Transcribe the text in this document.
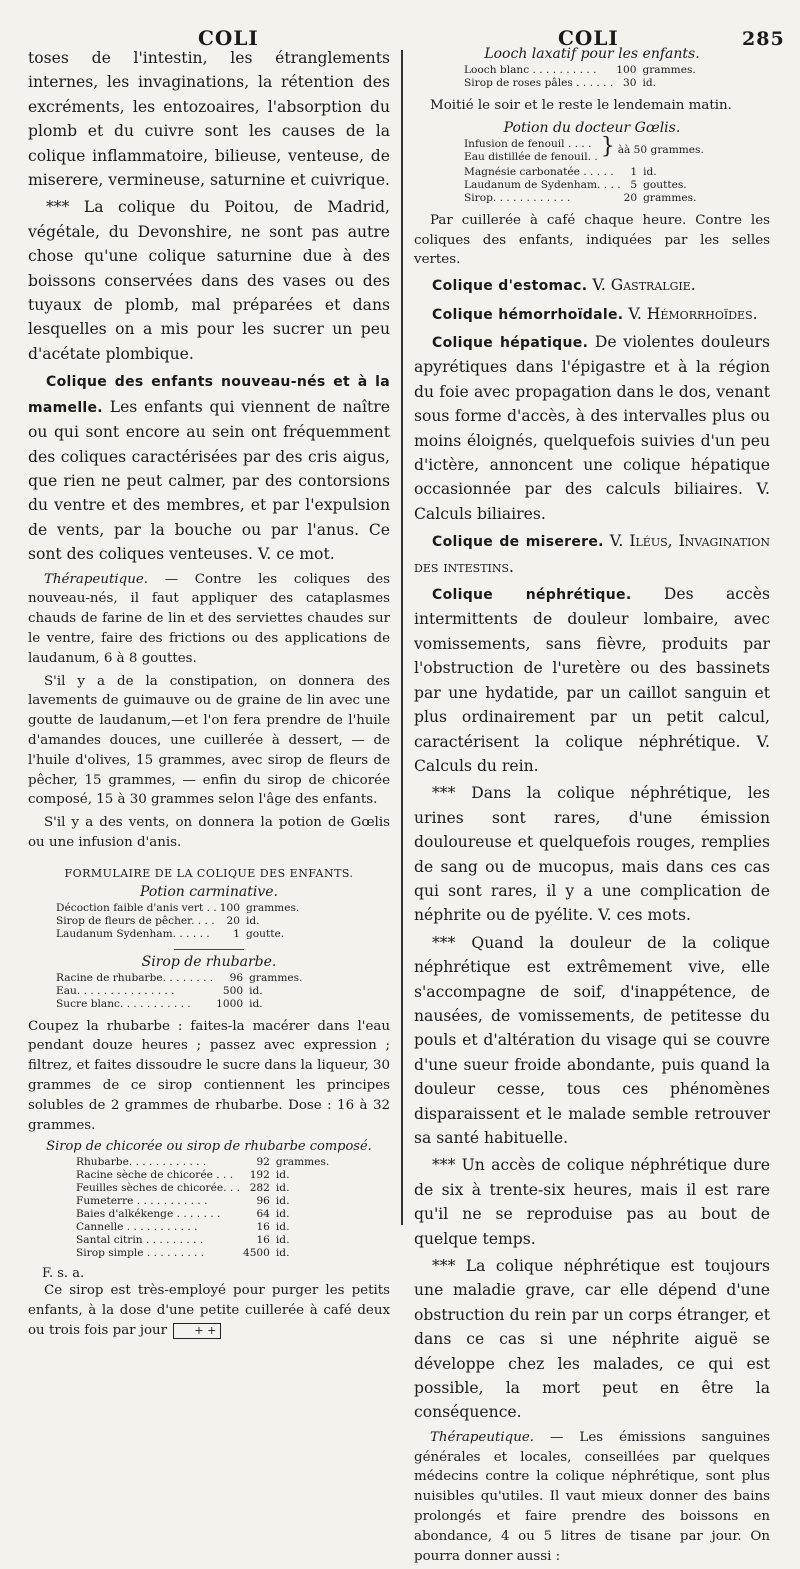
COLI	COLI	285

toses de l'intestin, les étranglements internes, les invaginations, la rétention des excréments, les entozoaires, l'absorption du plomb et du cuivre sont les causes de la colique inflammatoire, bilieuse, venteuse, de miserere, vermineuse, saturnine et cuivrique.

*** La colique du Poitou, de Madrid, végétale, du Devonshire, ne sont pas autre chose qu'une colique saturnine due à des boissons conservées dans des vases ou des tuyaux de plomb, mal préparées et dans lesquelles on a mis pour les sucrer un peu d'acétate plombique.

Colique des enfants nouveau-nés et à la mamelle. Les enfants qui viennent de naître ou qui sont encore au sein ont fréquemment des coliques caractérisées par des cris aigus, que rien ne peut calmer, par des contorsions du ventre et des membres, et par l'expulsion de vents, par la bouche ou par l'anus. Ce sont des coliques venteuses. V. ce mot.

Thérapeutique. — Contre les coliques des nouveau-nés, il faut appliquer des cataplasmes chauds de farine de lin et des serviettes chaudes sur le ventre, faire des frictions ou des applications de laudanum, 6 à 8 gouttes.

S'il y a de la constipation, on donnera des lavements de guimauve ou de graine de lin avec une goutte de laudanum,—et l'on fera prendre de l'huile d'amandes douces, une cuillerée à dessert, — de l'huile d'olives, 15 grammes, avec sirop de fleurs de pêcher, 15 grammes, — enfin du sirop de chicorée composé, 15 à 30 grammes selon l'âge des enfants.

S'il y a des vents, on donnera la potion de Gœlis ou une infusion d'anis.

FORMULAIRE DE LA COLIQUE DES ENFANTS.
Potion carminative.
Décoction faible d'anis vert . .	100	grammes.
Sirop de fleurs de pêcher. . . .	20	id.
Laudanum Sydenham. . . . . .	1	goutte.
Sirop de rhubarbe.
Racine de rhubarbe. . . . . . . .	96	grammes.
Eau. . . . . . . . . . . . . . .	500	id.
Sucre blanc. . . . . . . . . . .	1000	id.

Coupez la rhubarbe : faites-la macérer dans l'eau pendant douze heures ; passez avec expression ; filtrez, et faites dissoudre le sucre dans la liqueur, 30 grammes de ce sirop contiennent les principes solubles de 2 grammes de rhubarbe. Dose : 16 à 32 grammes.

Sirop de chicorée ou sirop de rhubarbe composé.
Rhubarbe. . . . . . . . . . . .	92	grammes.
Racine sèche de chicorée . . .	192	id.
Feuilles sèches de chicorée. . .	282	id.
Fumeterre . . . . . . . . . . .	96	id.
Baies d'alkékenge . . . . . . .	64	id.
Cannelle . . . . . . . . . . .	16	id.
Santal citrin . . . . . . . . .	16	id.
Sirop simple . . . . . . . . .	4500	id.
F. s. a.

Ce sirop est très-employé pour purger les petits enfants, à la dose d'une petite cuillerée à café deux ou trois fois par jour + +

Looch laxatif pour les enfants.
Looch blanc . . . . . . . . . .	100	grammes.
Sirop de roses pâles . . . . . .	30	id.

Moitié le soir et le reste le lendemain matin.

Potion du docteur Gœlis.
Infusion de fenouil . . . .	}	àà 50 grammes.
Eau distillée de fenouil. .
Magnésie carbonatée . . . . .	1	id.
Laudanum de Sydenham. . . .	5	gouttes.
Sirop. . . . . . . . . . . .	20	grammes.

Par cuillerée à café chaque heure. Contre les coliques des enfants, indiquées par les selles vertes.

Colique d'estomac. V. Gastralgie.

Colique hémorrhoïdale. V. Hémorrhoïdes.

Colique hépatique. De violentes douleurs apyrétiques dans l'épigastre et à la région du foie avec propagation dans le dos, venant sous forme d'accès, à des intervalles plus ou moins éloignés, quelquefois suivies d'un peu d'ictère, annoncent une colique hépatique occasionnée par des calculs biliaires. V. Calculs biliaires.

Colique de miserere. V. Iléus, Invagination des intestins.

Colique néphrétique. Des accès intermittents de douleur lombaire, avec vomissements, sans fièvre, produits par l'obstruction de l'uretère ou des bassinets par une hydatide, par un caillot sanguin et plus ordinairement par un petit calcul, caractérisent la colique néphrétique. V. Calculs du rein.

*** Dans la colique néphrétique, les urines sont rares, d'une émission douloureuse et quelquefois rouges, remplies de sang ou de mucopus, mais dans ces cas qui sont rares, il y a une complication de néphrite ou de pyélite. V. ces mots.

*** Quand la douleur de la colique néphrétique est extrêmement vive, elle s'accompagne de soif, d'inappétence, de nausées, de vomissements, de petitesse du pouls et d'altération du visage qui se couvre d'une sueur froide abondante, puis quand la douleur cesse, tous ces phénomènes disparaissent et le malade semble retrouver sa santé habituelle.

*** Un accès de colique néphrétique dure de six à trente-six heures, mais il est rare qu'il ne se reproduise pas au bout de quelque temps.

*** La colique néphrétique est toujours une maladie grave, car elle dépend d'une obstruction du rein par un corps étranger, et dans ce cas si une néphrite aiguë se développe chez les malades, ce qui est possible, la mort peut en être la conséquence.

Thérapeutique. — Les émissions sanguines générales et locales, conseillées par quelques médecins contre la colique néphrétique, sont plus nuisibles qu'utiles. Il vaut mieux donner des bains prolongés et faire prendre des boissons en abondance, 4 ou 5 litres de tisane par jour. On pourra donner aussi :
